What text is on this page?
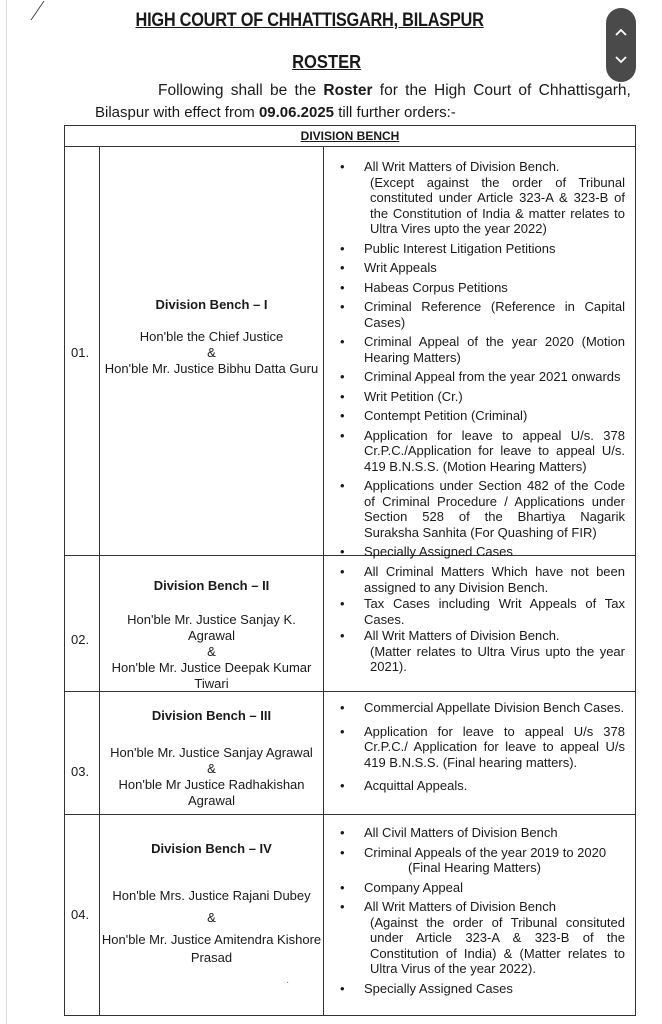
HIGH COURT OF CHHATTISGARH, BILASPUR
ROSTER
Following shall be the Roster for the High Court of Chhattisgarh,
Bilaspur with effect from 09.06.2025 till further orders:-
DIVISION BENCH
01.
Division Bench – I
Hon'ble the Chief Justice
&
Hon'ble Mr. Justice Bibhu Datta Guru
• All Writ Matters of Division Bench.
(Except against the order of Tribunal constituted under Article 323-A & 323-B of the Constitution of India & matter relates to Ultra Vires upto the year 2022)
• Public Interest Litigation Petitions
• Writ Appeals
• Habeas Corpus Petitions
• Criminal Reference (Reference in Capital Cases)
• Criminal Appeal of the year 2020 (Motion Hearing Matters)
• Criminal Appeal from the year 2021 onwards
• Writ Petition (Cr.)
• Contempt Petition (Criminal)
• Application for leave to appeal U/s. 378 Cr.P.C./Application for leave to appeal U/s. 419 B.N.S.S. (Motion Hearing Matters)
• Applications under Section 482 of the Code of Criminal Procedure / Applications under Section 528 of the Bhartiya Nagarik Suraksha Sanhita (For Quashing of FIR)
• Specially Assigned Cases
02.
Division Bench – II
Hon'ble Mr. Justice Sanjay K.
Agrawal
&
Hon'ble Mr. Justice Deepak Kumar
Tiwari
• All Criminal Matters Which have not been assigned to any Division Bench.
• Tax Cases including Writ Appeals of Tax Cases.
• All Writ Matters of Division Bench.
(Matter relates to Ultra Virus upto the year 2021).
03.
Division Bench – III
Hon'ble Mr. Justice Sanjay Agrawal
&
Hon'ble Mr Justice Radhakishan
Agrawal
• Commercial Appellate Division Bench Cases.
• Application for leave to appeal U/s 378 Cr.P.C./ Application for leave to appeal U/s 419 B.N.S.S. (Final hearing matters).
• Acquittal Appeals.
04.
Division Bench – IV
Hon'ble Mrs. Justice Rajani Dubey
&
Hon'ble Mr. Justice Amitendra Kishore
Prasad
·
• All Civil Matters of Division Bench
• Criminal Appeals of the year 2019 to 2020
(Final Hearing Matters)
• Company Appeal
• All Writ Matters of Division Bench
(Against the order of Tribunal consituted under Article 323-A & 323-B of the Constitution of India) & (Matter relates to Ultra Virus of the year 2022).
• Specially Assigned Cases
